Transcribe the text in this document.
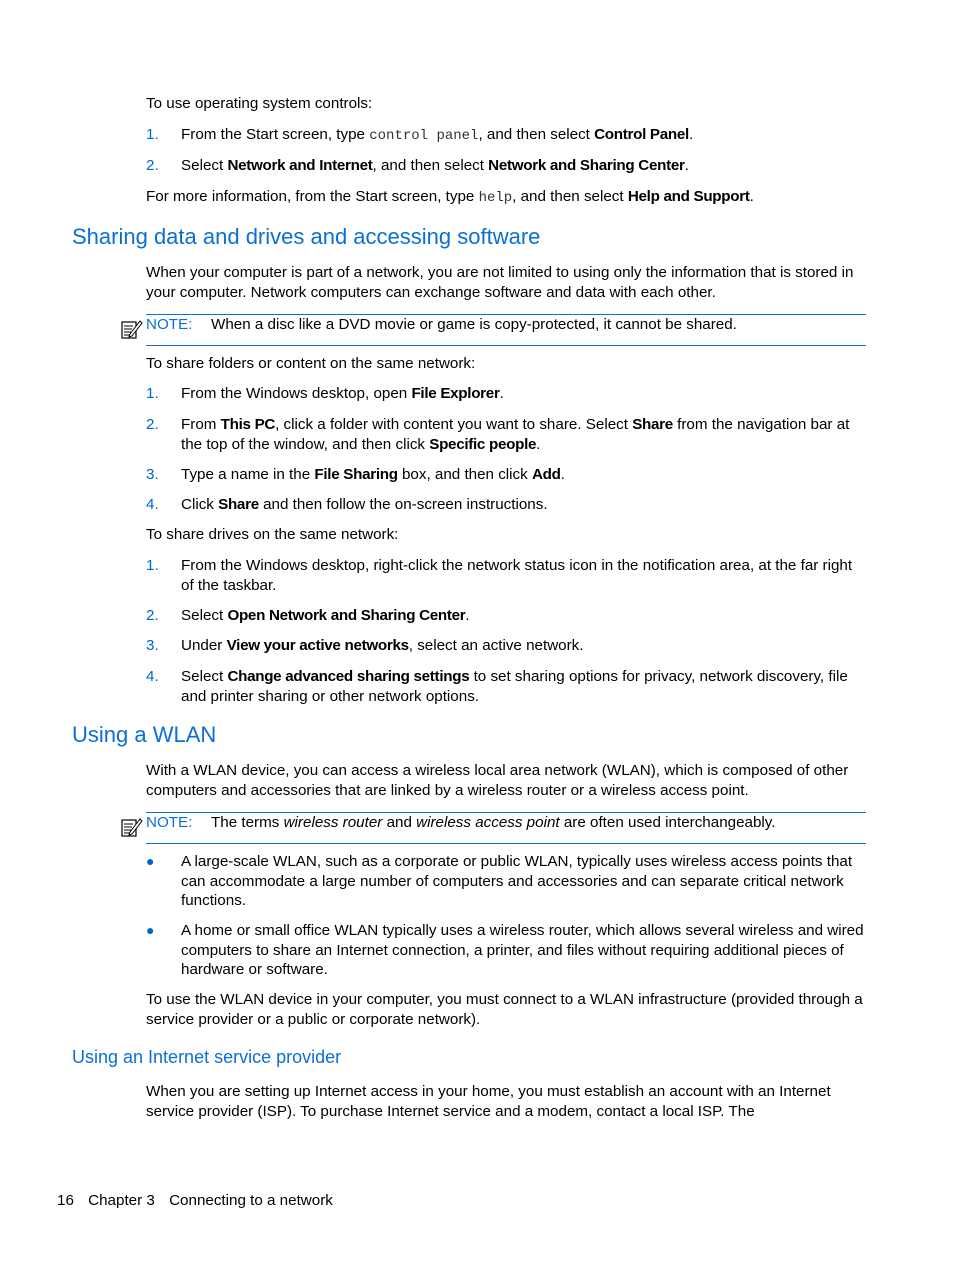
To use operating system controls:

1. From the Start screen, type control panel, and then select Control Panel.
2. Select Network and Internet, and then select Network and Sharing Center.

For more information, from the Start screen, type help, and then select Help and Support.

Sharing data and drives and accessing software

When your computer is part of a network, you are not limited to using only the information that is stored in your computer. Network computers can exchange software and data with each other.

NOTE: When a disc like a DVD movie or game is copy-protected, it cannot be shared.

To share folders or content on the same network:

1. From the Windows desktop, open File Explorer.
2. From This PC, click a folder with content you want to share. Select Share from the navigation bar at the top of the window, and then click Specific people.
3. Type a name in the File Sharing box, and then click Add.
4. Click Share and then follow the on-screen instructions.

To share drives on the same network:

1. From the Windows desktop, right-click the network status icon in the notification area, at the far right of the taskbar.
2. Select Open Network and Sharing Center.
3. Under View your active networks, select an active network.
4. Select Change advanced sharing settings to set sharing options for privacy, network discovery, file and printer sharing or other network options.
Using a WLAN

With a WLAN device, you can access a wireless local area network (WLAN), which is composed of other computers and accessories that are linked by a wireless router or a wireless access point.

NOTE: The terms wireless router and wireless access point are often used interchangeably.
● A large-scale WLAN, such as a corporate or public WLAN, typically uses wireless access points that can accommodate a large number of computers and accessories and can separate critical network functions.
● A home or small office WLAN typically uses a wireless router, which allows several wireless and wired computers to share an Internet connection, a printer, and files without requiring additional pieces of hardware or software.

To use the WLAN device in your computer, you must connect to a WLAN infrastructure (provided through a service provider or a public or corporate network).

Using an Internet service provider

When you are setting up Internet access in your home, you must establish an account with an Internet service provider (ISP). To purchase Internet service and a modem, contact a local ISP. The

16 Chapter 3 Connecting to a network
